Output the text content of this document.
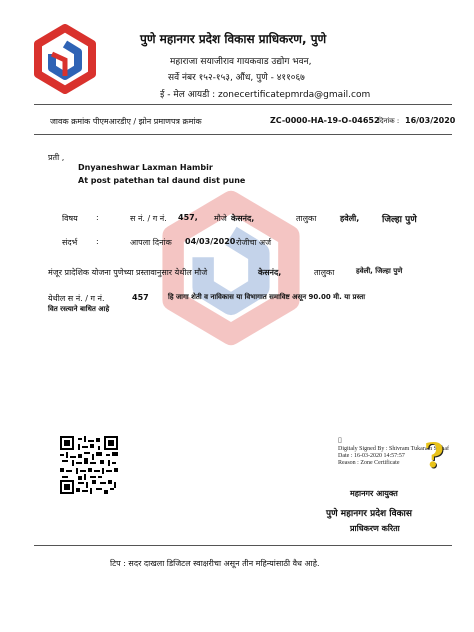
पुणे महानगर प्रदेश विकास प्राधिकरण, पुणे
महाराजा सयाजीराव गायकवाड उद्योग भवन,
सर्वे नंबर १५२-१५३, औंध, पुणे - ४११०६७
ई - मेल आयडी : zonecertificatepmrda@gmail.com
जावक क्रमांक पीएमआरडीए / झोन प्रमाणपत्र क्रमांक	ZC-0000-HA-19-O-04652
दिनांक : 16/03/2020
प्रती ,
Dnyaneshwar Laxman Hambir
At post patethan tal daund dist pune
विषय :	स नं. / ग नं. 457, मौजे केसनंद,	तालुका	हवेली,	जिल्हा पुणे
संदर्भ :	आपला दिनांक 04/03/2020 रोजीचा अर्ज
मंजूर प्रादेशिक योजना पुणेच्या प्रस्तावानुसार येथील मौजे	केसनंद,	तालुका	हवेली, जिल्हा पुणे
येथील स नं. / ग नं.	457	हि जागा शेती व नाविकास या विभागात समाविष्ट असून 90.00 मी. या प्रस्ता
वित रस्त्याने बाधित आहे
▯
Digitaly Signed By : Shivram Tukaram Sathaf
Date : 16-03-2020 14:57:57
Reason : Zone Certificate ?
महानगर आयुक्त
पुणे महानगर प्रदेश विकास
प्राधिकरण करिता
टिप : सदर दाखला डिजिटल स्वाक्षरीचा असून तीन महिन्यांसाठी वैध आहे.
